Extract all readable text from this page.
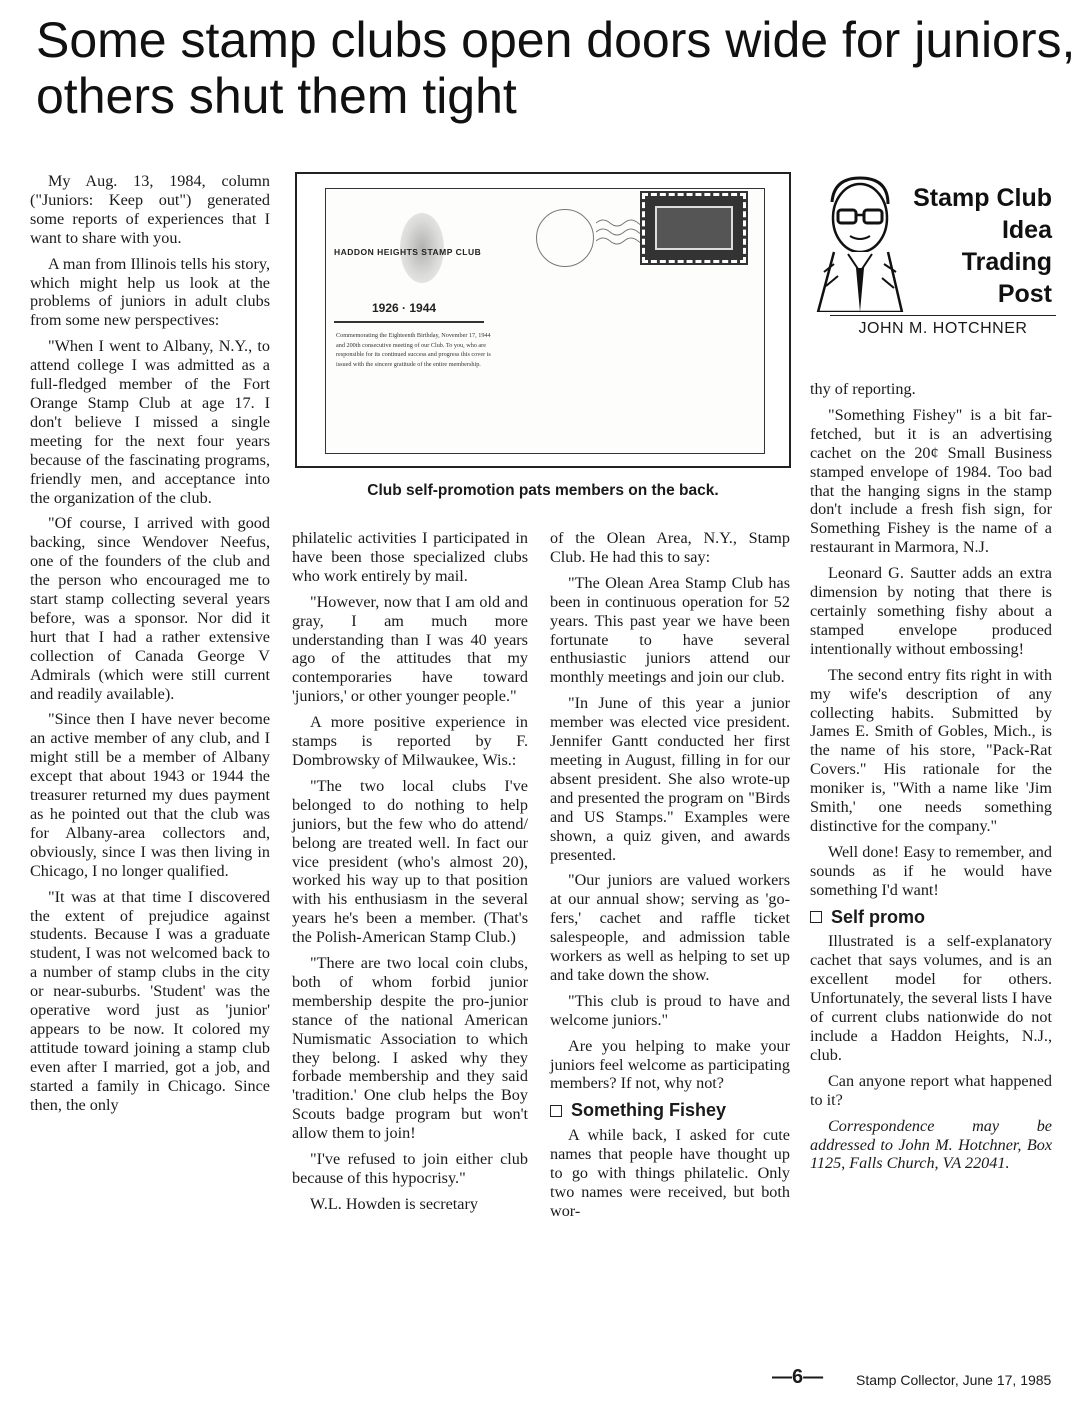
Some stamp clubs open doors wide for juniors, others shut them tight

My Aug. 13, 1984, column ("Juniors: Keep out") generated some reports of experiences that I want to share with you.

A man from Illinois tells his story, which might help us look at the problems of juniors in adult clubs from some new perspectives:

"When I went to Albany, N.Y., to attend college I was admitted as a full-fledged member of the Fort Orange Stamp Club at age 17. I don't believe I missed a single meeting for the next four years because of the fascinating programs, friendly men, and acceptance into the organization of the club.

"Of course, I arrived with good backing, since Wendover Neefus, one of the founders of the club and the person who encouraged me to start stamp collecting several years before, was a sponsor. Nor did it hurt that I had a rather extensive collection of Canada George V Admirals (which were still current and readily available).

"Since then I have never become an active member of any club, and I might still be a member of Albany except that about 1943 or 1944 the treasurer returned my dues payment as he pointed out that the club was for Albany-area collectors and, obviously, since I was then living in Chicago, I no longer qualified.

"It was at that time I discovered the extent of prejudice against students. Because I was a graduate student, I was not welcomed back to a number of stamp clubs in the city or near-suburbs. 'Student' was the operative word just as 'junior' appears to be now. It colored my attitude toward joining a stamp club even after I married, got a job, and started a family in Chicago. Since then, the only

HADDON HEIGHTS STAMP CLUB
1926 · 1944
Commemorating the Eighteenth Birthday, November 17, 1944 and 200th consecutive meeting of our Club. To you, who are responsible for its continued success and progress this cover is issued with the sincere gratitude of the entire membership.
Club self-promotion pats members on the back.
Stamp Club
Idea
Trading
Post
JOHN M. HOTCHNER

philatelic activities I participated in have been those specialized clubs who work entirely by mail.

"However, now that I am old and gray, I am much more understanding than I was 40 years ago of the attitudes that my contemporaries have toward 'juniors,' or other younger people."

A more positive experience in stamps is reported by F. Dombrowsky of Milwaukee, Wis.:

"The two local clubs I've belonged to do nothing to help juniors, but the few who do attend/ belong are treated well. In fact our vice president (who's almost 20), worked his way up to that position with his enthusiasm in the several years he's been a member. (That's the Polish-American Stamp Club.)

"There are two local coin clubs, both of whom forbid junior membership despite the pro-junior stance of the national American Numismatic Association to which they belong. I asked why they forbade membership and they said 'tradition.' One club helps the Boy Scouts badge program but won't allow them to join!

"I've refused to join either club because of this hypocrisy."

W.L. Howden is secretary

of the Olean Area, N.Y., Stamp Club. He had this to say:

"The Olean Area Stamp Club has been in continuous operation for 52 years. This past year we have been fortunate to have several enthusiastic juniors attend our monthly meetings and join our club.

"In June of this year a junior member was elected vice president. Jennifer Gantt conducted her first meeting in August, filling in for our absent president. She also wrote-up and presented the program on "Birds and US Stamps." Examples were shown, a quiz given, and awards presented.

"Our juniors are valued workers at our annual show; serving as 'go-fers,' cachet and raffle ticket salespeople, and admission table workers as well as helping to set up and take down the show.

"This club is proud to have and welcome juniors."

Are you helping to make your juniors feel welcome as participating members? If not, why not?

Something Fishey

A while back, I asked for cute names that people have thought up to go with things philatelic. Only two names were received, but both wor-

thy of reporting.

"Something Fishey" is a bit far-fetched, but it is an advertising cachet on the 20¢ Small Business stamped envelope of 1984. Too bad that the hanging signs in the stamp don't include a fresh fish sign, for Something Fishey is the name of a restaurant in Marmora, N.J.

Leonard G. Sautter adds an extra dimension by noting that there is certainly something fishy about a stamped envelope produced intentionally without embossing!

The second entry fits right in with my wife's description of any collecting habits. Submitted by James E. Smith of Gobles, Mich., is the name of his store, "Pack-Rat Covers." His rationale for the moniker is, "With a name like 'Jim Smith,' one needs something distinctive for the company."

Well done! Easy to remember, and sounds as if he would have something I'd want!

Self promo

Illustrated is a self-explanatory cachet that says volumes, and is an excellent model for others. Unfortunately, the several lists I have of current clubs nationwide do not include a Haddon Heights, N.J., club.

Can anyone report what happened to it?

Correspondence may be addressed to John M. Hotchner, Box 1125, Falls Church, VA 22041.

—6— Stamp Collector, June 17, 1985
